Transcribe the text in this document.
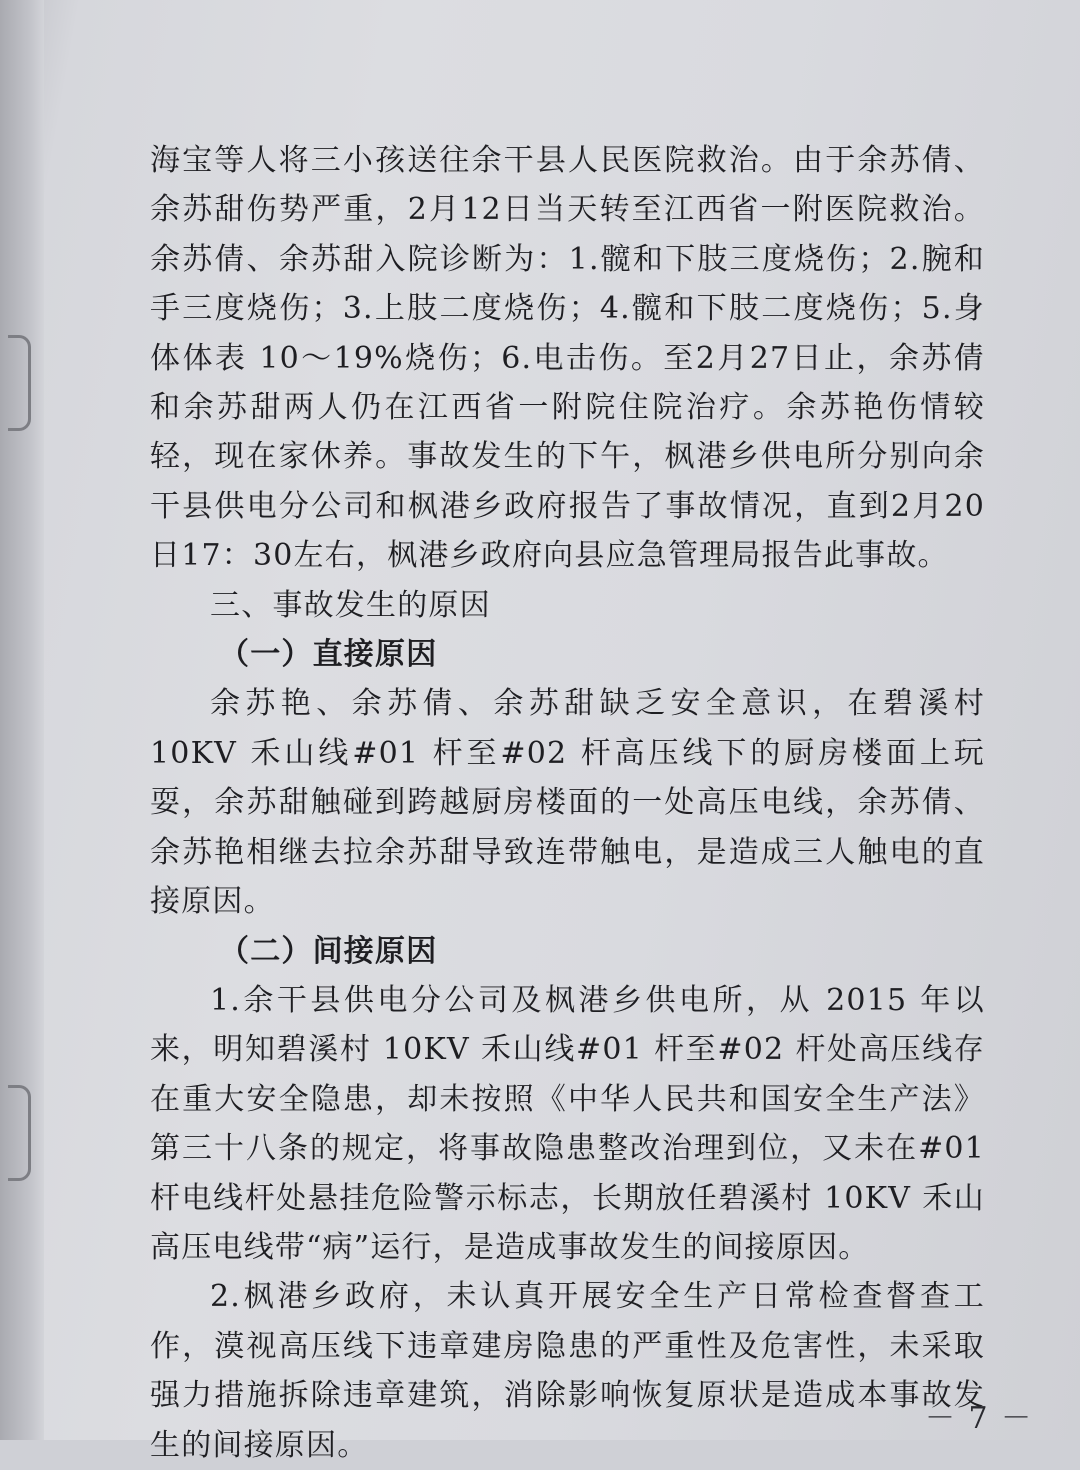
海宝等人将三小孩送往余干县人民医院救治。由于余苏倩、余苏甜伤势严重，2月12日当天转至江西省一附医院救治。余苏倩、余苏甜入院诊断为：1.髋和下肢三度烧伤；2.腕和手三度烧伤；3.上肢二度烧伤；4.髋和下肢二度烧伤；5.身体体表 10～19%烧伤；6.电击伤。至2月27日止，余苏倩和余苏甜两人仍在江西省一附院住院治疗。余苏艳伤情较轻，现在家休养。事故发生的下午，枫港乡供电所分别向余干县供电分公司和枫港乡政府报告了事故情况，直到2月20日17：30左右，枫港乡政府向县应急管理局报告此事故。

三、事故发生的原因

（一）直接原因

余苏艳、余苏倩、余苏甜缺乏安全意识，在碧溪村 10KV 禾山线#01 杆至#02 杆高压线下的厨房楼面上玩耍，余苏甜触碰到跨越厨房楼面的一处高压电线，余苏倩、余苏艳相继去拉余苏甜导致连带触电，是造成三人触电的直接原因。

（二）间接原因

1.余干县供电分公司及枫港乡供电所，从 2015 年以来，明知碧溪村 10KV 禾山线#01 杆至#02 杆处高压线存在重大安全隐患，却未按照《中华人民共和国安全生产法》第三十八条的规定，将事故隐患整改治理到位，又未在#01 杆电线杆处悬挂危险警示标志，长期放任碧溪村 10KV 禾山高压电线带“病”运行，是造成事故发生的间接原因。

2.枫港乡政府，未认真开展安全生产日常检查督查工作，漠视高压线下违章建房隐患的严重性及危害性，未采取强力措施拆除违章建筑，消除影响恢复原状是造成本事故发生的间接原因。

－ 7 －
